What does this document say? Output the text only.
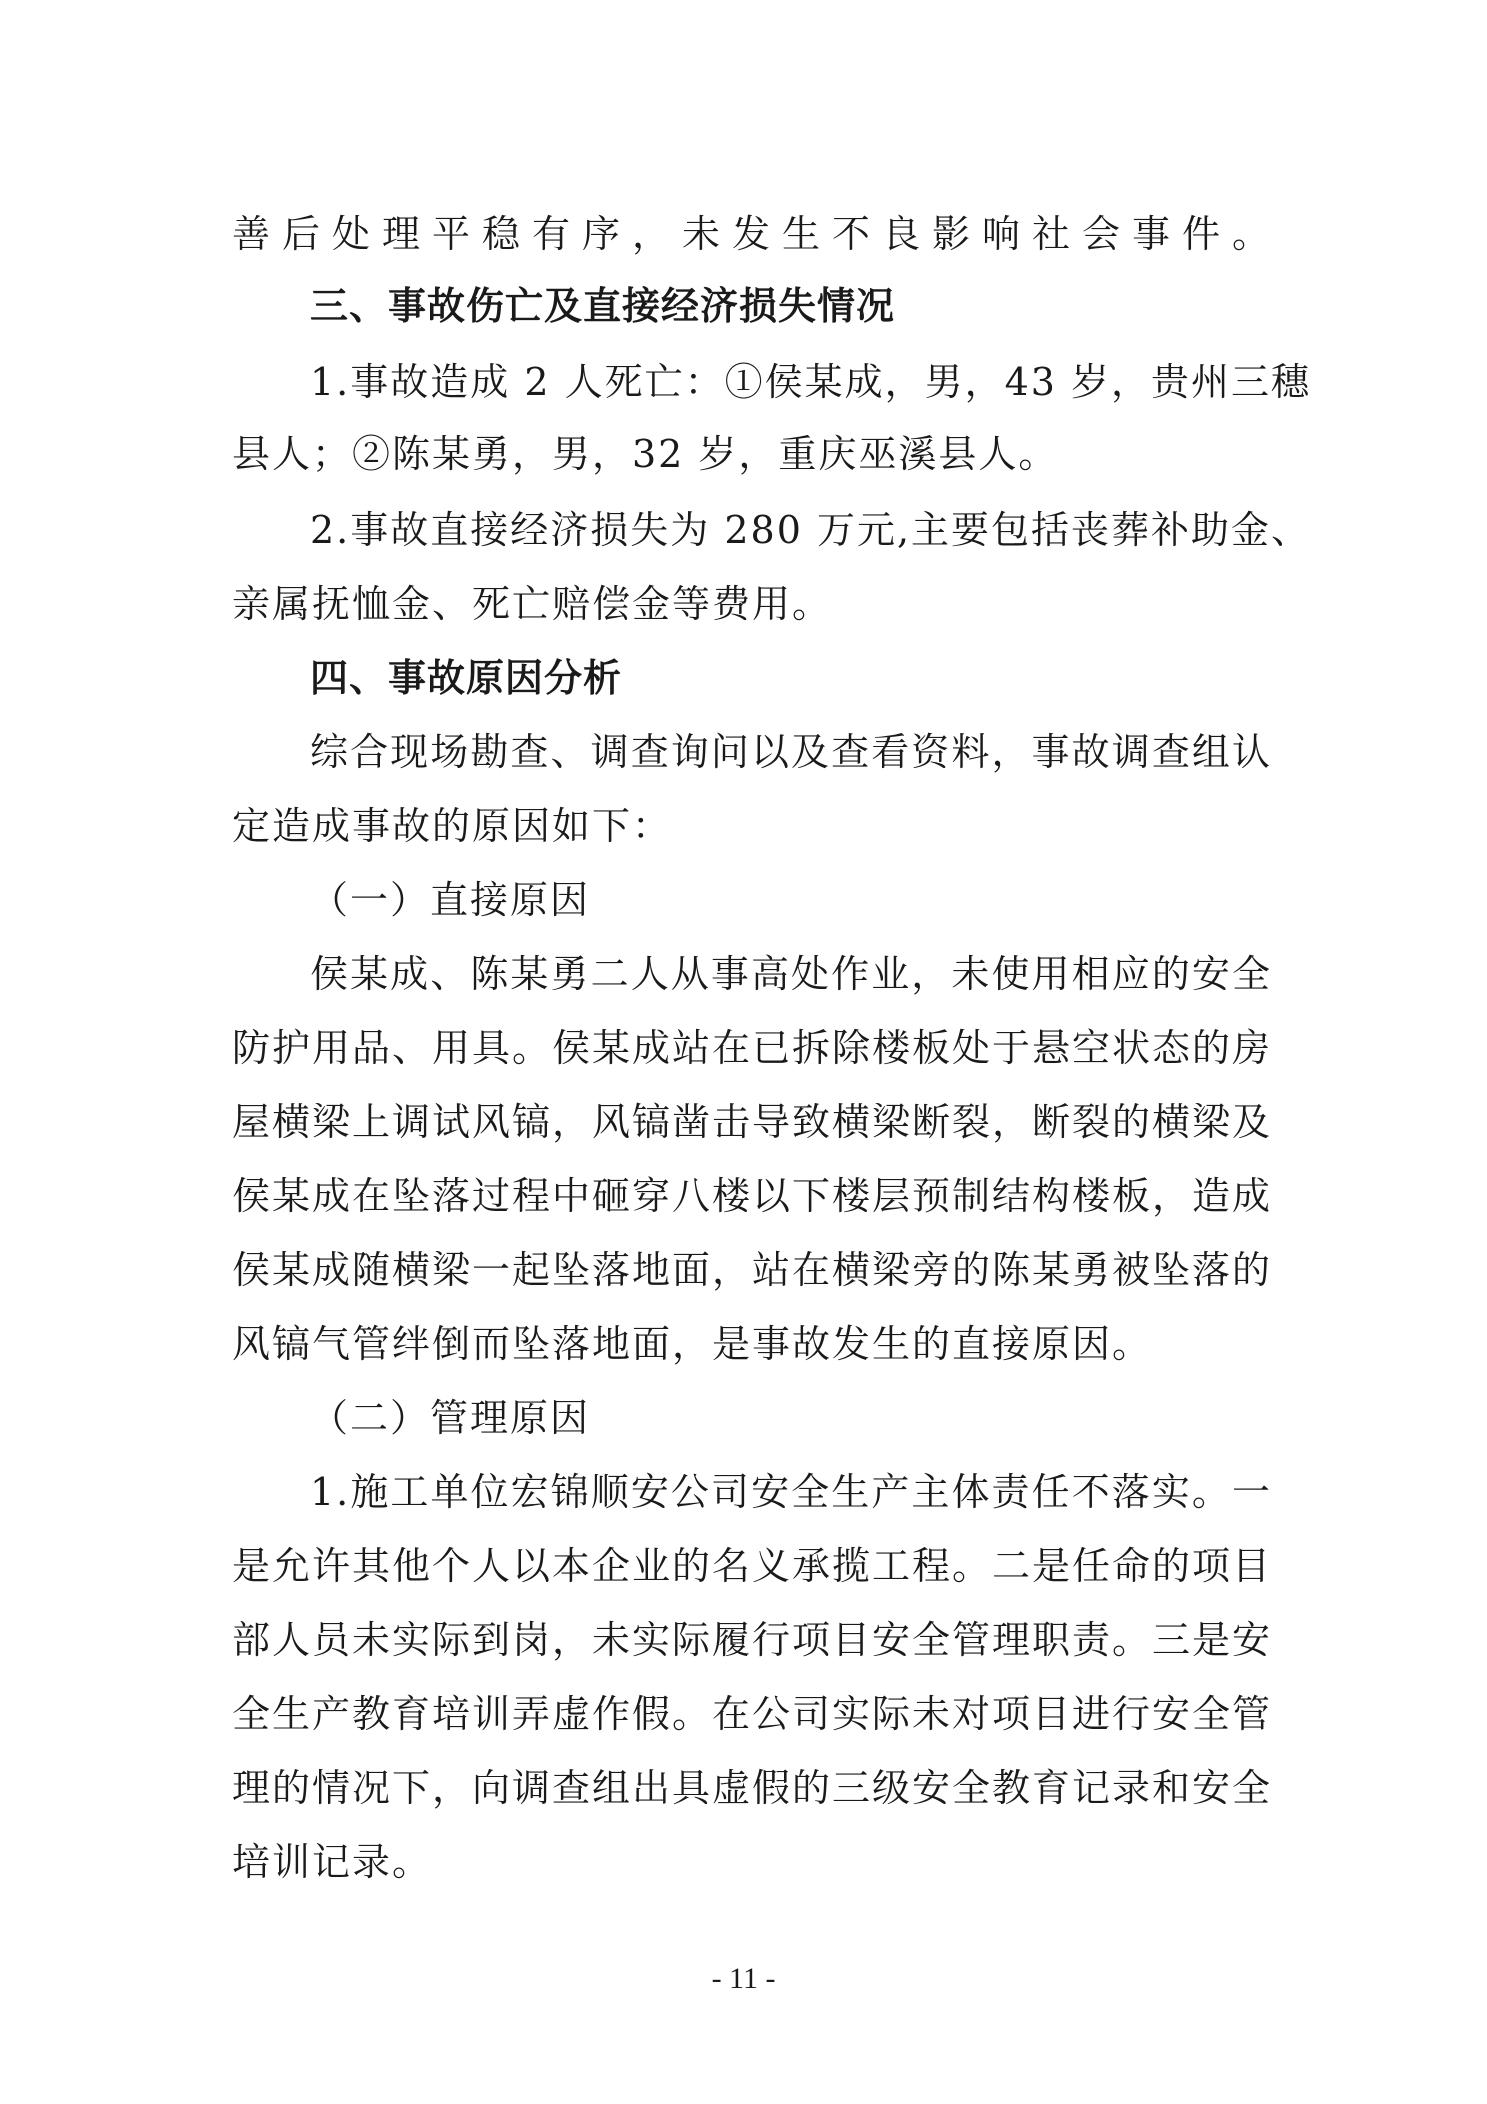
善后处理平稳有序，未发生不良影响社会事件。
三、事故伤亡及直接经济损失情况
1.事故造成 2 人死亡：①侯某成，男，43 岁，贵州三穗
县人；②陈某勇，男，32 岁，重庆巫溪县人。
2.事故直接经济损失为 280 万元,主要包括丧葬补助金、
亲属抚恤金、死亡赔偿金等费用。
四、事故原因分析
综合现场勘查、调查询问以及查看资料，事故调查组认
定造成事故的原因如下：
（一）直接原因
侯某成、陈某勇二人从事高处作业，未使用相应的安全
防护用品、用具。侯某成站在已拆除楼板处于悬空状态的房
屋横梁上调试风镐，风镐凿击导致横梁断裂，断裂的横梁及
侯某成在坠落过程中砸穿八楼以下楼层预制结构楼板，造成
侯某成随横梁一起坠落地面，站在横梁旁的陈某勇被坠落的
风镐气管绊倒而坠落地面，是事故发生的直接原因。
（二）管理原因
1.施工单位宏锦顺安公司安全生产主体责任不落实。一
是允许其他个人以本企业的名义承揽工程。二是任命的项目
部人员未实际到岗，未实际履行项目安全管理职责。三是安
全生产教育培训弄虚作假。在公司实际未对项目进行安全管
理的情况下，向调查组出具虚假的三级安全教育记录和安全
培训记录。
- 11 -
